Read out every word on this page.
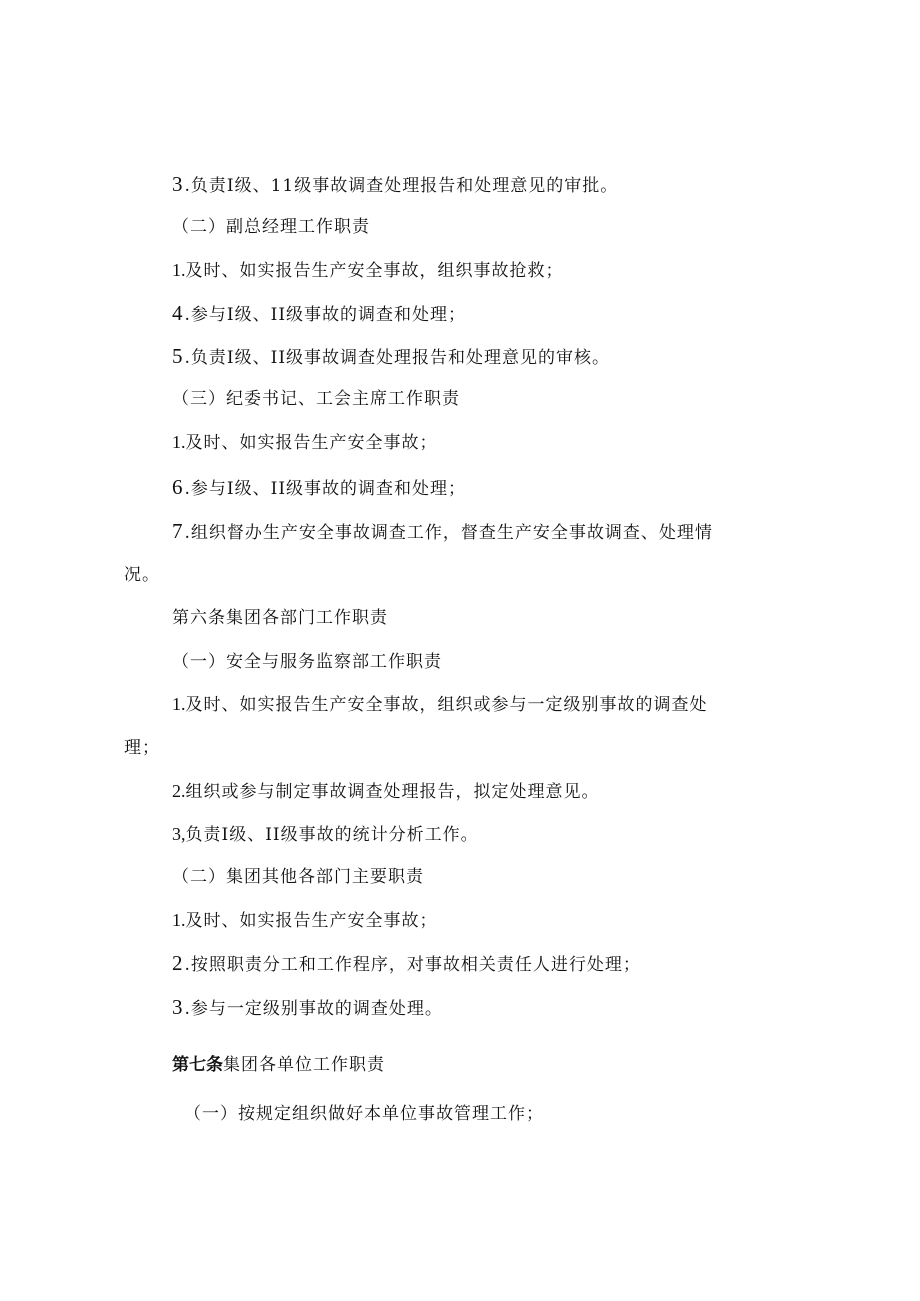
3 .负责I级、11级事故调查处理报告和处理意见的审批。
（二）副总经理工作职责
1.及时、如实报告生产安全事故，组织事故抢救；
4 .参与I级、II级事故的调查和处理；
5 .负责I级、II级事故调查处理报告和处理意见的审核。
（三）纪委书记、工会主席工作职责
1.及时、如实报告生产安全事故；
6 .参与I级、II级事故的调查和处理；
7 .组织督办生产安全事故调查工作，督查生产安全事故调查、处理情
况。
第六条集团各部门工作职责
（一）安全与服务监察部工作职责
1.及时、如实报告生产安全事故，组织或参与一定级别事故的调查处
理；
2.组织或参与制定事故调查处理报告，拟定处理意见。
3,负责I级、II级事故的统计分析工作。
（二）集团其他各部门主要职责
1.及时、如实报告生产安全事故；
2 .按照职责分工和工作程序，对事故相关责任人进行处理；
3 .参与一定级别事故的调查处理。
第七条集团各单位工作职责
（一）按规定组织做好本单位事故管理工作；
